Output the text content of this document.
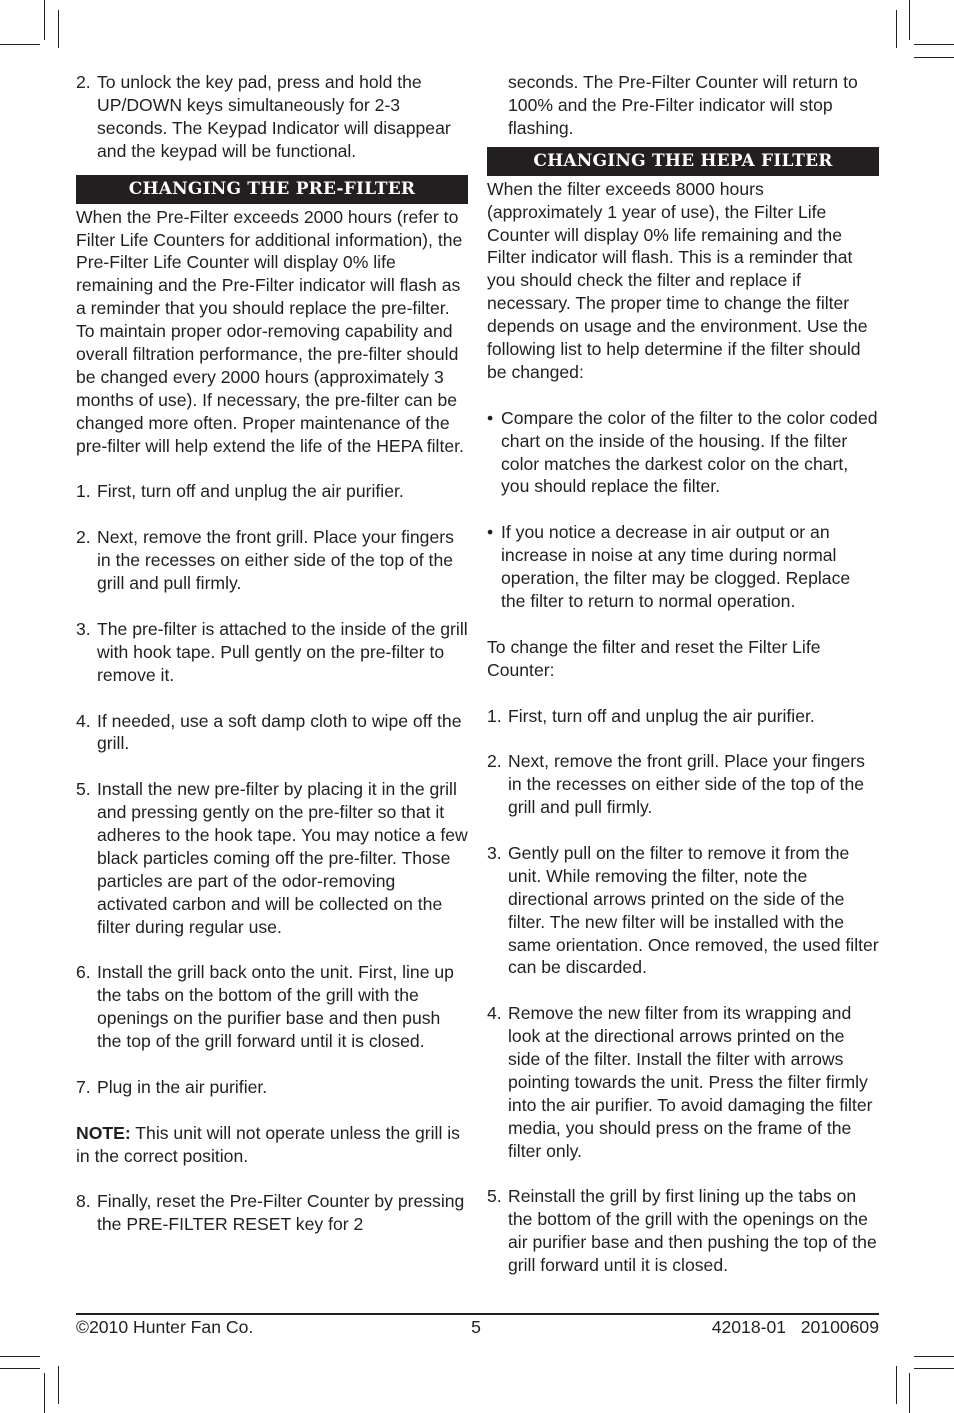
2. To unlock the key pad, press and hold the UP/DOWN keys simultaneously for 2-3 seconds. The Keypad Indicator will disappear and the keypad will be functional.

CHANGING THE PRE-FILTER

When the Pre-Filter exceeds 2000 hours (refer to Filter Life Counters for additional information), the Pre-Filter Life Counter will display 0% life remaining and the Pre-Filter indicator will flash as a reminder that you should replace the pre-filter. To maintain proper odor-removing capability and overall filtration performance, the pre-filter should be changed every 2000 hours (approximately 3 months of use). If necessary, the pre-filter can be changed more often. Proper maintenance of the pre-filter will help extend the life of the HEPA filter.

1. First, turn off and unplug the air purifier.

2. Next, remove the front grill. Place your fingers in the recesses on either side of the top of the grill and pull firmly.

3. The pre-filter is attached to the inside of the grill with hook tape. Pull gently on the pre-filter to remove it.

4. If needed, use a soft damp cloth to wipe off the grill.

5. Install the new pre-filter by placing it in the grill and pressing gently on the pre-filter so that it adheres to the hook tape. You may notice a few black particles coming off the pre-filter. Those particles are part of the odor-removing activated carbon and will be collected on the filter during regular use.

6. Install the grill back onto the unit. First, line up the tabs on the bottom of the grill with the openings on the purifier base and then push the top of the grill forward until it is closed.

7. Plug in the air purifier.

NOTE: This unit will not operate unless the grill is in the correct position.

8. Finally, reset the Pre-Filter Counter by pressing the PRE-FILTER RESET key for 2

seconds. The Pre-Filter Counter will return to 100% and the Pre-Filter indicator will stop flashing.

CHANGING THE HEPA FILTER

When the filter exceeds 8000 hours (approximately 1 year of use), the Filter Life Counter will display 0% life remaining and the Filter indicator will flash. This is a reminder that you should check the filter and replace if necessary. The proper time to change the filter depends on usage and the environment. Use the following list to help determine if the filter should be changed:

• Compare the color of the filter to the color coded chart on the inside of the housing. If the filter color matches the darkest color on the chart, you should replace the filter.

• If you notice a decrease in air output or an increase in noise at any time during normal operation, the filter may be clogged. Replace the filter to return to normal operation.

To change the filter and reset the Filter Life Counter:

1. First, turn off and unplug the air purifier.

2. Next, remove the front grill. Place your fingers in the recesses on either side of the top of the grill and pull firmly.

3. Gently pull on the filter to remove it from the unit. While removing the filter, note the directional arrows printed on the side of the filter. The new filter will be installed with the same orientation. Once removed, the used filter can be discarded.

4. Remove the new filter from its wrapping and look at the directional arrows printed on the side of the filter. Install the filter with arrows pointing towards the unit. Press the filter firmly into the air purifier. To avoid damaging the filter media, you should press on the frame of the filter only.

5. Reinstall the grill by first lining up the tabs on the bottom of the grill with the openings on the air purifier base and then pushing the top of the grill forward until it is closed.

©2010 Hunter Fan Co.	5	42018-01   20100609
